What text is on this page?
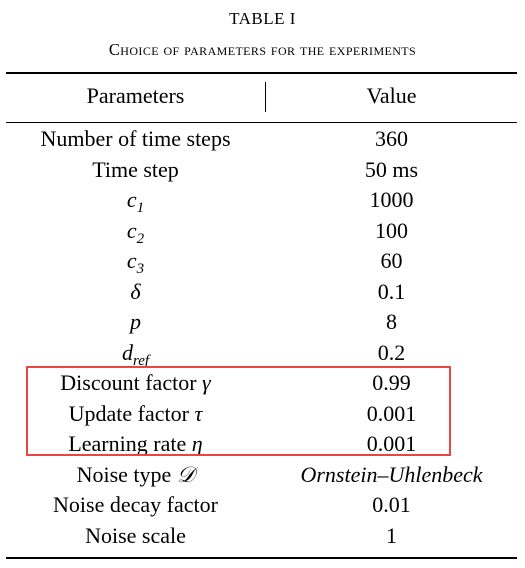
TABLE I
Choice of parameters for the experiments
Parameters	Value
Number of time steps	360
Time step	50 ms
$c_1$	1000
$c_2$	100
$c_3$	60
δ	0.1
p	8
$d_{ref}$	0.2
Discount factor γ	0.99
Update factor τ	0.001
Learning rate η	0.001
Noise type 𝒟	Ornstein–Uhlenbeck
Noise decay factor	0.01
Noise scale	1
